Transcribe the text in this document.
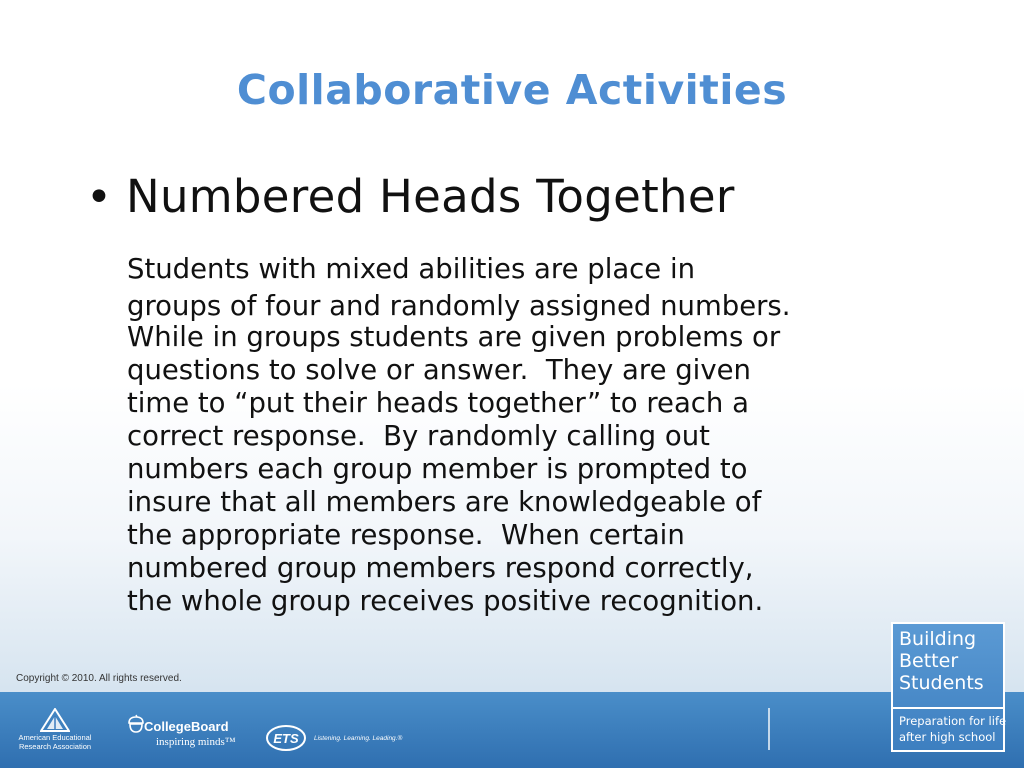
Collaborative Activities
• Numbered Heads Together
Students with mixed abilities are place in
groups of four and randomly assigned numbers.
While in groups students are given problems or
questions to solve or answer.  They are given
time to “put their heads together” to reach a
correct response.  By randomly calling out
numbers each group member is prompted to
insure that all members are knowledgeable of
the appropriate response.  When certain
numbered group members respond correctly,
the whole group receives positive recognition.
Copyright © 2010. All rights reserved.
American Educational
Research Association
CollegeBoard
inspiring minds™	ETS Listening. Learning. Leading.®
Building
Better
Students
Preparation for life
after high school
